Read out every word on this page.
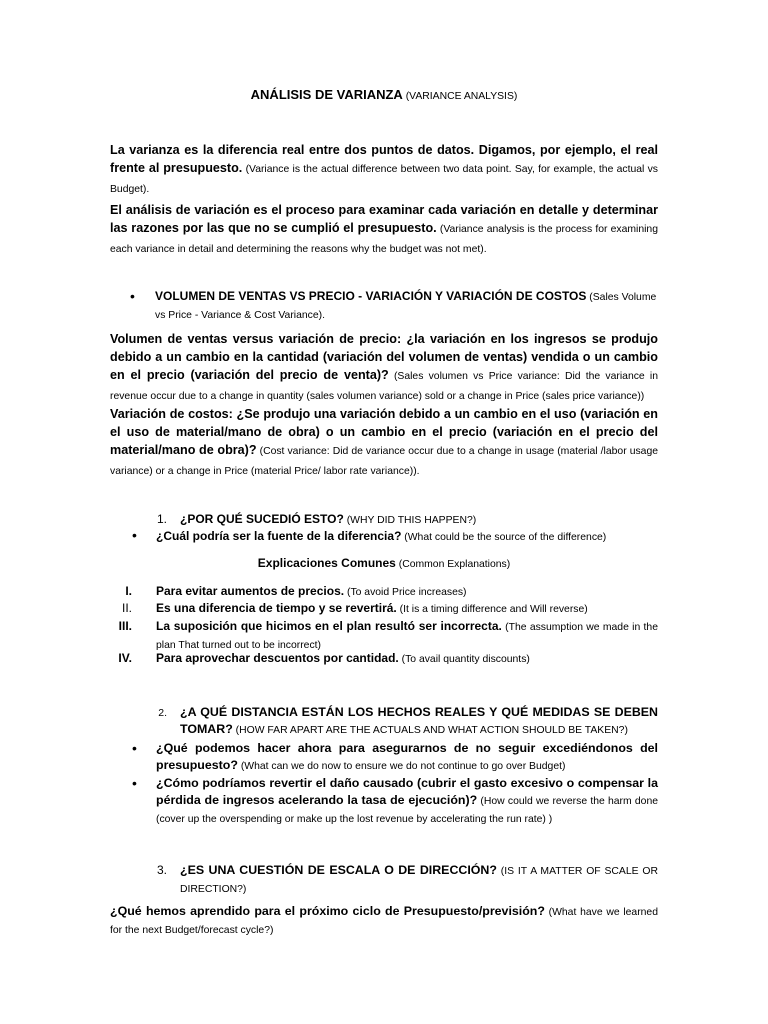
ANÁLISIS DE VARIANZA (VARIANCE ANALYSIS)
La varianza es la diferencia real entre dos puntos de datos. Digamos, por ejemplo, el real frente al presupuesto. (Variance is the actual difference between two data point. Say, for example, the actual vs Budget).
El análisis de variación es el proceso para examinar cada variación en detalle y determinar las razones por las que no se cumplió el presupuesto. (Variance analysis is the process for examining each variance in detail and determining the reasons why the budget was not met).
• VOLUMEN DE VENTAS VS PRECIO - VARIACIÓN Y VARIACIÓN DE COSTOS (Sales Volume vs Price - Variance & Cost Variance).
Volumen de ventas versus variación de precio: ¿la variación en los ingresos se produjo debido a un cambio en la cantidad (variación del volumen de ventas) vendida o un cambio en el precio (variación del precio de venta)? (Sales volumen vs Price variance: Did the variance in revenue occur due to a change in quantity (sales volumen variance) sold or a change in Price (sales price variance))
Variación de costos: ¿Se produjo una variación debido a un cambio en el uso (variación en el uso de material/mano de obra) o un cambio en el precio (variación en el precio del material/mano de obra)? (Cost variance: Did de variance occur due to a change in usage (material /labor usage variance) or a change in Price (material Price/ labor rate variance)).
1. ¿POR QUÉ SUCEDIÓ ESTO? (WHY DID THIS HAPPEN?)
• ¿Cuál podría ser la fuente de la diferencia? (What could be the source of the difference)
Explicaciones Comunes (Common Explanations)
I. Para evitar aumentos de precios. (To avoid Price increases)
II. Es una diferencia de tiempo y se revertirá. (It is a timing difference and Will reverse)
III. La suposición que hicimos en el plan resultó ser incorrecta. (The assumption we made in the plan That turned out to be incorrect)
IV. Para aprovechar descuentos por cantidad. (To avail quantity discounts)
2. ¿A QUÉ DISTANCIA ESTÁN LOS HECHOS REALES Y QUÉ MEDIDAS SE DEBEN TOMAR? (HOW FAR APART ARE THE ACTUALS AND WHAT ACTION SHOULD BE TAKEN?)
• ¿Qué podemos hacer ahora para asegurarnos de no seguir excediéndonos del presupuesto? (What can we do now to ensure we do not continue to go over Budget)
• ¿Cómo podríamos revertir el daño causado (cubrir el gasto excesivo o compensar la pérdida de ingresos acelerando la tasa de ejecución)? (How could we reverse the harm done (cover up the overspending or make up the lost revenue by accelerating the run rate) )
3. ¿ES UNA CUESTIÓN DE ESCALA O DE DIRECCIÓN? (IS IT A MATTER OF SCALE OR DIRECTION?)
¿Qué hemos aprendido para el próximo ciclo de Presupuesto/previsión? (What have we learned for the next Budget/forecast cycle?)
